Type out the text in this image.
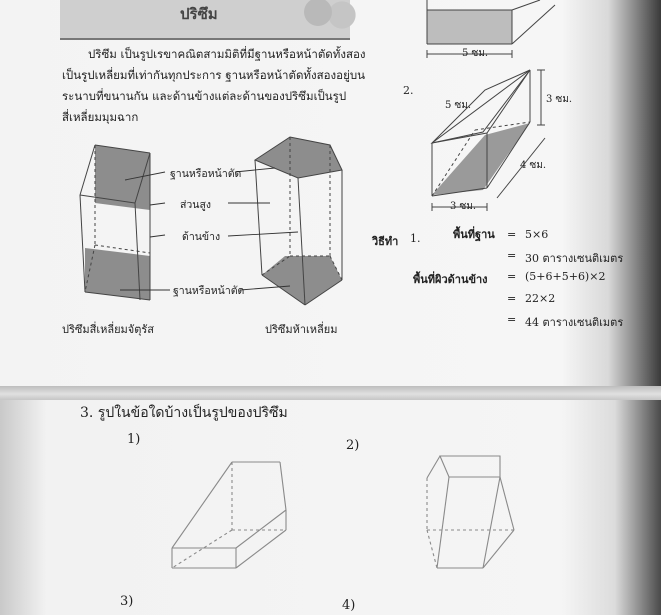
ปริซึม

ปริซึม เป็นรูปเรขาคณิตสามมิติที่มีฐานหรือหน้าตัดทั้งสองเป็นรูปเหลี่ยมที่เท่ากันทุกประการ ฐานหรือหน้าตัดทั้งสองอยู่บนระนาบที่ขนานกัน และด้านข้างแต่ละด้านของปริซึมเป็นรูปสี่เหลี่ยมมุมฉาก

ฐานหรือหน้าตัด
ส่วนสูง
ด้านข้าง
ฐานหรือหน้าตัด
ปริซึมสี่เหลี่ยมจัตุรัส	ปริซึมห้าเหลี่ยม
5 ซม.
2.
5 ซม.
3 ซม.
4 ซม.
3 ซม.
วิธีทำ 1.	พื้นที่ฐาน = 5×6
= 30 ตารางเซนติเมตร
พื้นที่ผิวด้านข้าง = (5+6+5+6)×2
= 22×2
= 44 ตารางเซนติเมตร
3. รูปในข้อใดบ้างเป็นรูปของปริซึม
1)	2)
3)	4)
